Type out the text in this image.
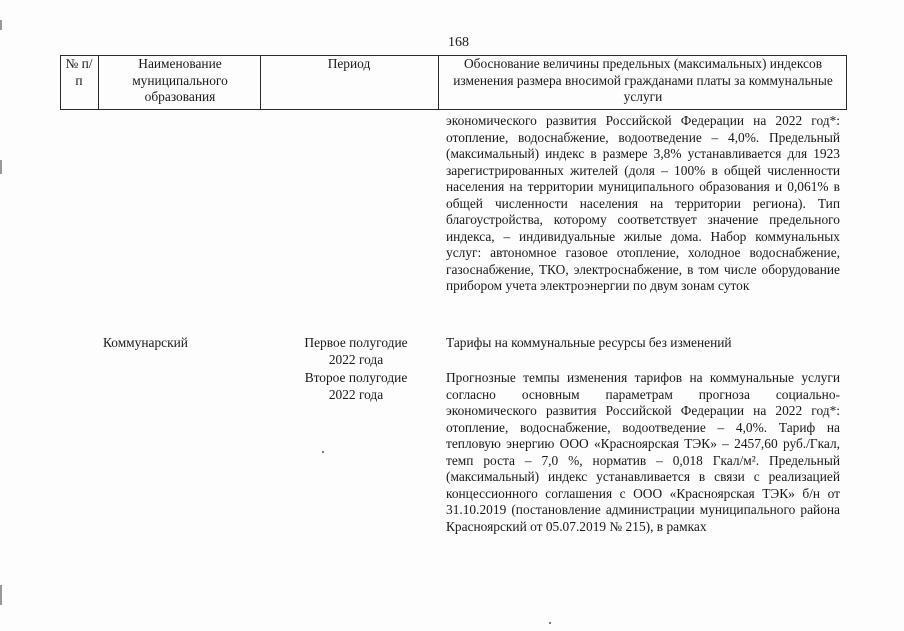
168
№ п/п
Наименование муниципального образования
Период	Обоснование величины предельных (максимальных) индексов изменения размера вносимой гражданами платы за коммунальные услуги
экономического развития Российской Федерации на 2022 год*: отопление, водоснабжение, водоотведение – 4,0%. Предельный (максимальный) индекс в размере 3,8% устанавливается для 1923 зарегистрированных жителей (доля – 100% в общей численности населения на территории муниципального образования и 0,061% в общей численности населения на территории региона). Тип благоустройства, которому соответствует значение предельного индекса, – индивидуальные жилые дома. Набор коммунальных услуг: автономное газовое отопление, холодное водоснабжение, газоснабжение, ТКО, электроснабжение, в том числе оборудование прибором учета электроэнергии по двум зонам суток
Коммунарский	Первое полугодие 2022 года
Тарифы на коммунальные ресурсы без изменений
Второе полугодие 2022 года
Прогнозные темпы изменения тарифов на коммунальные услуги согласно основным параметрам прогноза социально-экономического развития Российской Федерации на 2022 год*: отопление, водоснабжение, водоотведение – 4,0%. Тариф на тепловую энергию ООО «Красноярская ТЭК» – 2457,60 руб./Гкал, темп роста – 7,0 %, норматив – 0,018 Гкал/м². Предельный (максимальный) индекс устанавливается в связи с реализацией концессионного соглашения с ООО «Красноярская ТЭК» б/н от 31.10.2019 (постановление администрации муниципального района Красноярский от 05.07.2019 № 215), в рамках
